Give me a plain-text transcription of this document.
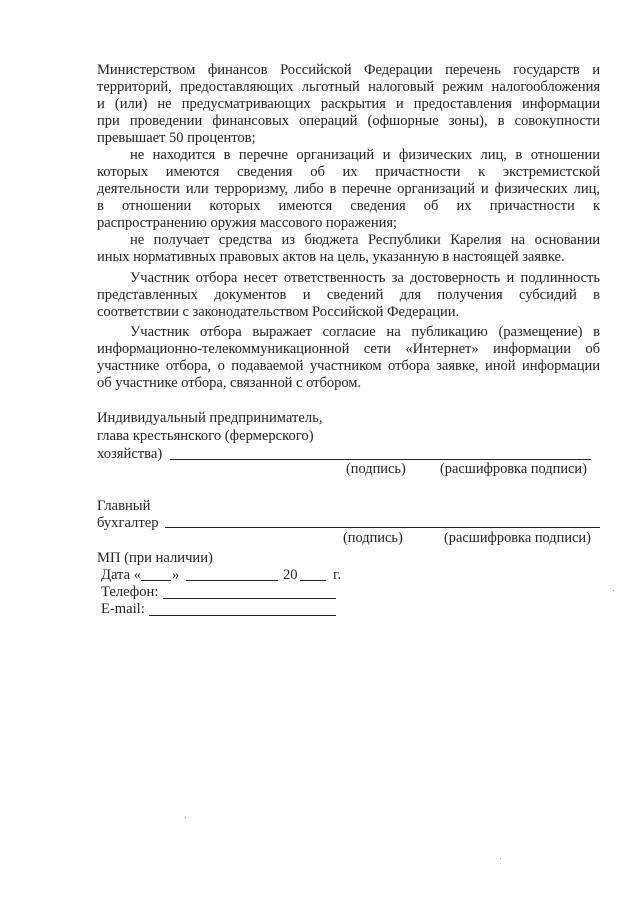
Министерством финансов Российской Федерации перечень государств и
территорий, предоставляющих льготный налоговый режим налогообложения
и (или) не предусматривающих раскрытия и предоставления информации
при проведении финансовых операций (офшорные зоны), в совокупности
превышает 50 процентов;
не находится в перечне организаций и физических лиц, в отношении
которых имеются сведения об их причастности к экстремистской
деятельности или терроризму, либо в перечне организаций и физических лиц,
в отношении которых имеются сведения об их причастности к
распространению оружия массового поражения;
не получает средства из бюджета Республики Карелия на основании
иных нормативных правовых актов на цель, указанную в настоящей заявке.
Участник отбора несет ответственность за достоверность и подлинность
представленных документов и сведений для получения субсидий в
соответствии с законодательством Российской Федерации.
Участник отбора выражает согласие на публикацию (размещение) в
информационно-телекоммуникационной сети «Интернет» информации об
участнике отбора, о подаваемой участником отбора заявке, иной информации
об участнике отбора, связанной с отбором.
Индивидуальный предприниматель,
глава крестьянского (фермерского)
хозяйства)
(подпись) (расшифровка подписи)
Главный
бухгалтер
(подпись)	(расшифровка подписи)
МП (при наличии)
Дата « »	20 г.
Телефон:
E-mail:
